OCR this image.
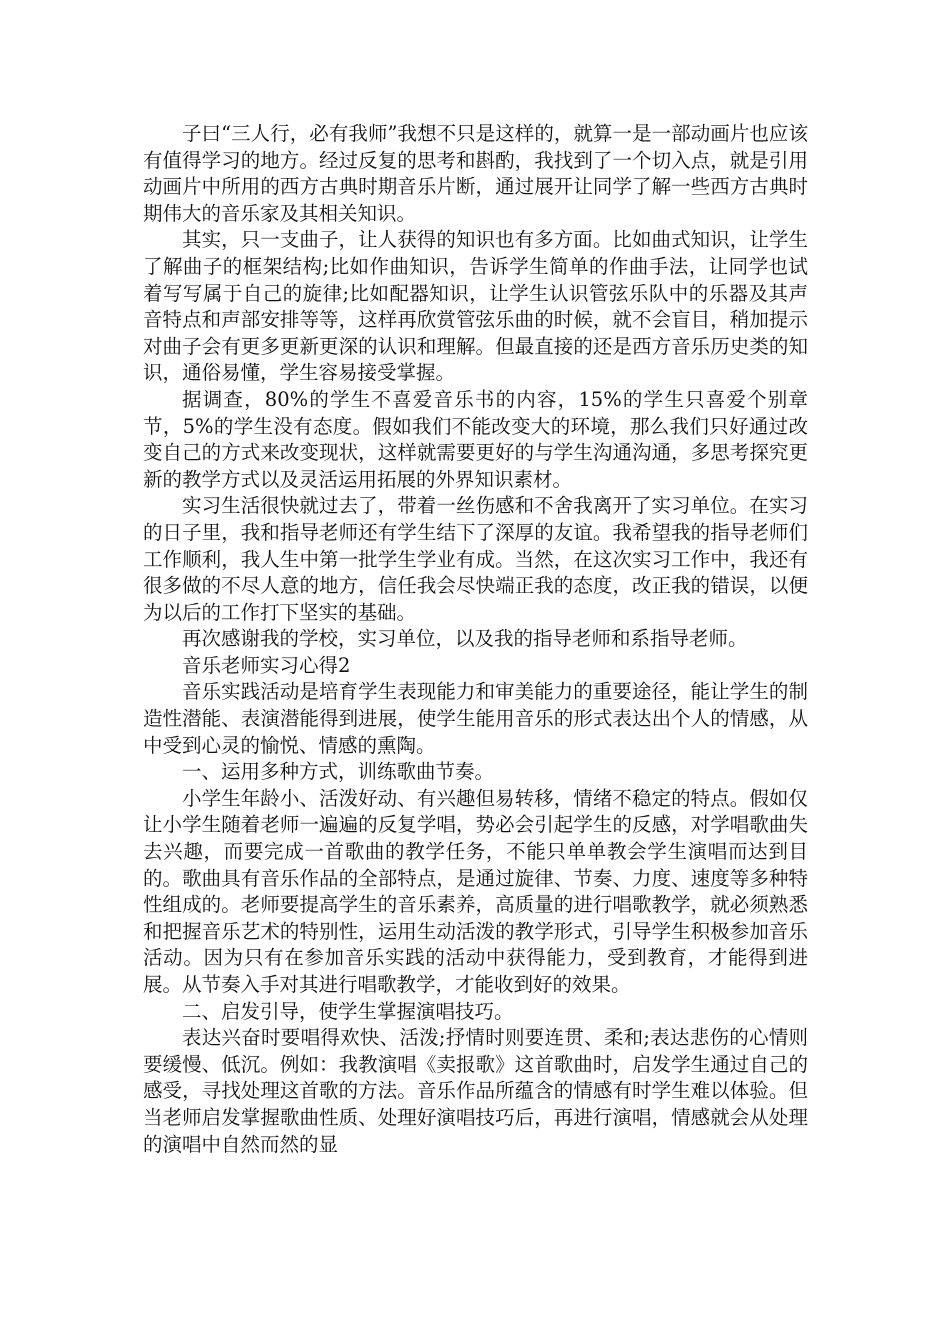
子曰“三人行，必有我师”我想不只是这样的，就算一是一部动画片也应该有值得学习的地方。经过反复的思考和斟酌，我找到了一个切入点，就是引用动画片中所用的西方古典时期音乐片断，通过展开让同学了解一些西方古典时期伟大的音乐家及其相关知识。

其实，只一支曲子，让人获得的知识也有多方面。比如曲式知识，让学生了解曲子的框架结构;比如作曲知识，告诉学生简单的作曲手法，让同学也试着写写属于自己的旋律;比如配器知识，让学生认识管弦乐队中的乐器及其声音特点和声部安排等等，这样再欣赏管弦乐曲的时候，就不会盲目，稍加提示对曲子会有更多更新更深的认识和理解。但最直接的还是西方音乐历史类的知识，通俗易懂，学生容易接受掌握。

据调查，80%的学生不喜爱音乐书的内容，15%的学生只喜爱个别章节，5%的学生没有态度。假如我们不能改变大的环境，那么我们只好通过改变自己的方式来改变现状，这样就需要更好的与学生沟通沟通，多思考探究更新的教学方式以及灵活运用拓展的外界知识素材。

实习生活很快就过去了，带着一丝伤感和不舍我离开了实习单位。在实习的日子里，我和指导老师还有学生结下了深厚的友谊。我希望我的指导老师们工作顺利，我人生中第一批学生学业有成。当然，在这次实习工作中，我还有很多做的不尽人意的地方，信任我会尽快端正我的态度，改正我的错误，以便为以后的工作打下坚实的基础。

再次感谢我的学校，实习单位，以及我的指导老师和系指导老师。

音乐老师实习心得2

音乐实践活动是培育学生表现能力和审美能力的重要途径，能让学生的制造性潜能、表演潜能得到进展，使学生能用音乐的形式表达出个人的情感，从中受到心灵的愉悦、情感的熏陶。

一、运用多种方式，训练歌曲节奏。

小学生年龄小、活泼好动、有兴趣但易转移，情绪不稳定的特点。假如仅让小学生随着老师一遍遍的反复学唱，势必会引起学生的反感，对学唱歌曲失去兴趣，而要完成一首歌曲的教学任务，不能只单单教会学生演唱而达到目的。歌曲具有音乐作品的全部特点，是通过旋律、节奏、力度、速度等多种特性组成的。老师要提高学生的音乐素养，高质量的进行唱歌教学，就必须熟悉和把握音乐艺术的特别性，运用生动活泼的教学形式，引导学生积极参加音乐活动。因为只有在参加音乐实践的活动中获得能力，受到教育，才能得到进展。从节奏入手对其进行唱歌教学，才能收到好的效果。

二、启发引导，使学生掌握演唱技巧。

表达兴奋时要唱得欢快、活泼;抒情时则要连贯、柔和;表达悲伤的心情则要缓慢、低沉。例如：我教演唱《卖报歌》这首歌曲时，启发学生通过自己的感受，寻找处理这首歌的方法。音乐作品所蕴含的情感有时学生难以体验。但当老师启发掌握歌曲性质、处理好演唱技巧后，再进行演唱，情感就会从处理的演唱中自然而然的显
